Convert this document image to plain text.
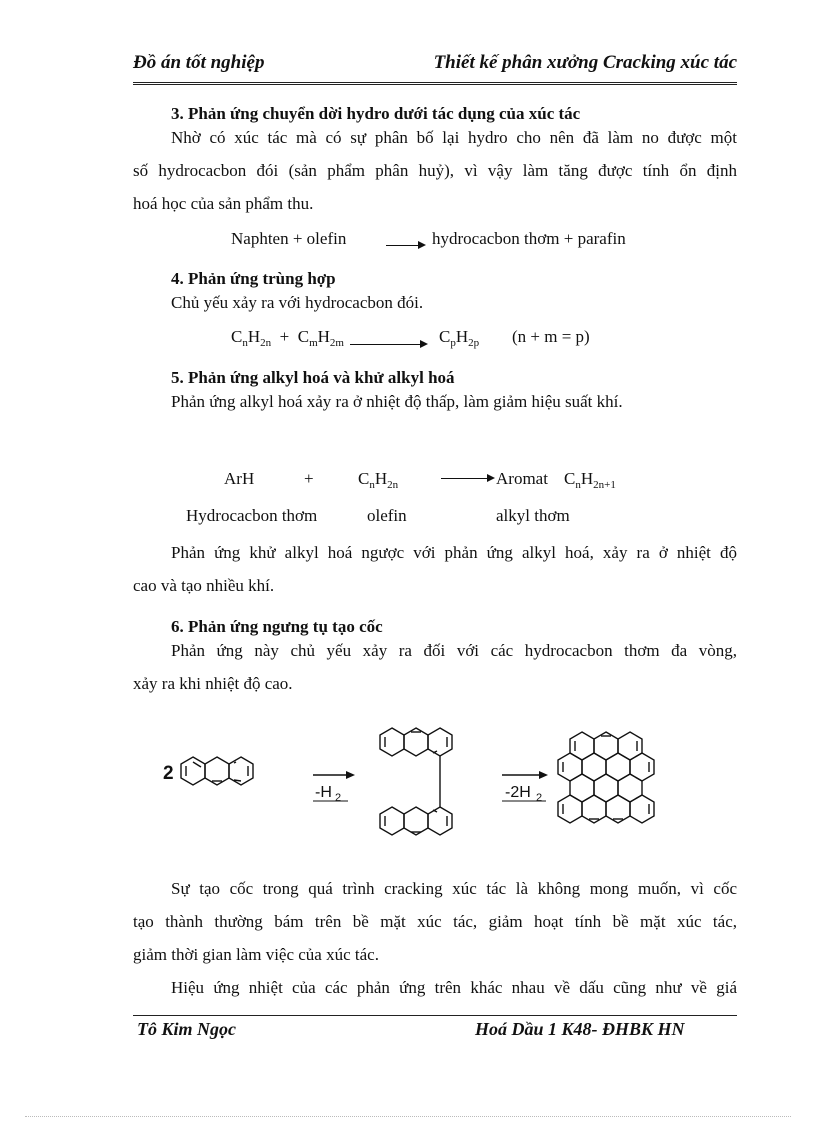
Đồ án tốt nghiệp	Thiết kế phân xưởng Cracking xúc tác
3. Phản ứng chuyển dời hydro dưới tác dụng của xúc tác
Nhờ có xúc tác mà có sự phân bố lại hydro cho nên đã làm no được một
số hydrocacbon đói (sản phẩm phân huỷ), vì vậy làm tăng được tính ổn định
hoá học của sản phẩm thu.
Naphten + olefin	hydrocacbon thơm + parafin
4. Phản ứng trùng hợp
Chủ yếu xảy ra với hydrocacbon đói.
$C_nH_{2n} + C_mH_{2m}$	$C_pH_{2p}$ (n + m = p)
5. Phản ứng alkyl hoá và khử alkyl hoá
Phản ứng alkyl hoá xảy ra ở nhiệt độ thấp, làm giảm hiệu suất khí.
ArH	+	$C_nH_{2n}$	Aromat $C_nH_{2n+1}$
Hydrocacbon thơm	olefin	alkyl thơm
Phản ứng khử alkyl hoá ngược với phản ứng alkyl hoá, xảy ra ở nhiệt độ
cao và tạo nhiều khí.
6. Phản ứng ngưng tụ tạo cốc
Phản ứng này chủ yếu xảy ra đối với các hydrocacbon thơm đa vòng,
xảy ra khi nhiệt độ cao.
2
-H 2	-2H 2
Sự tạo cốc trong quá trình cracking xúc tác là không mong muốn, vì cốc
tạo thành thường bám trên bề mặt xúc tác, giảm hoạt tính bề mặt xúc tác,
giảm thời gian làm việc của xúc tác.
Hiệu ứng nhiệt của các phản ứng trên khác nhau về dấu cũng như về giá
Tô Kim Ngọc	Hoá Dầu 1 K48- ĐHBK HN
